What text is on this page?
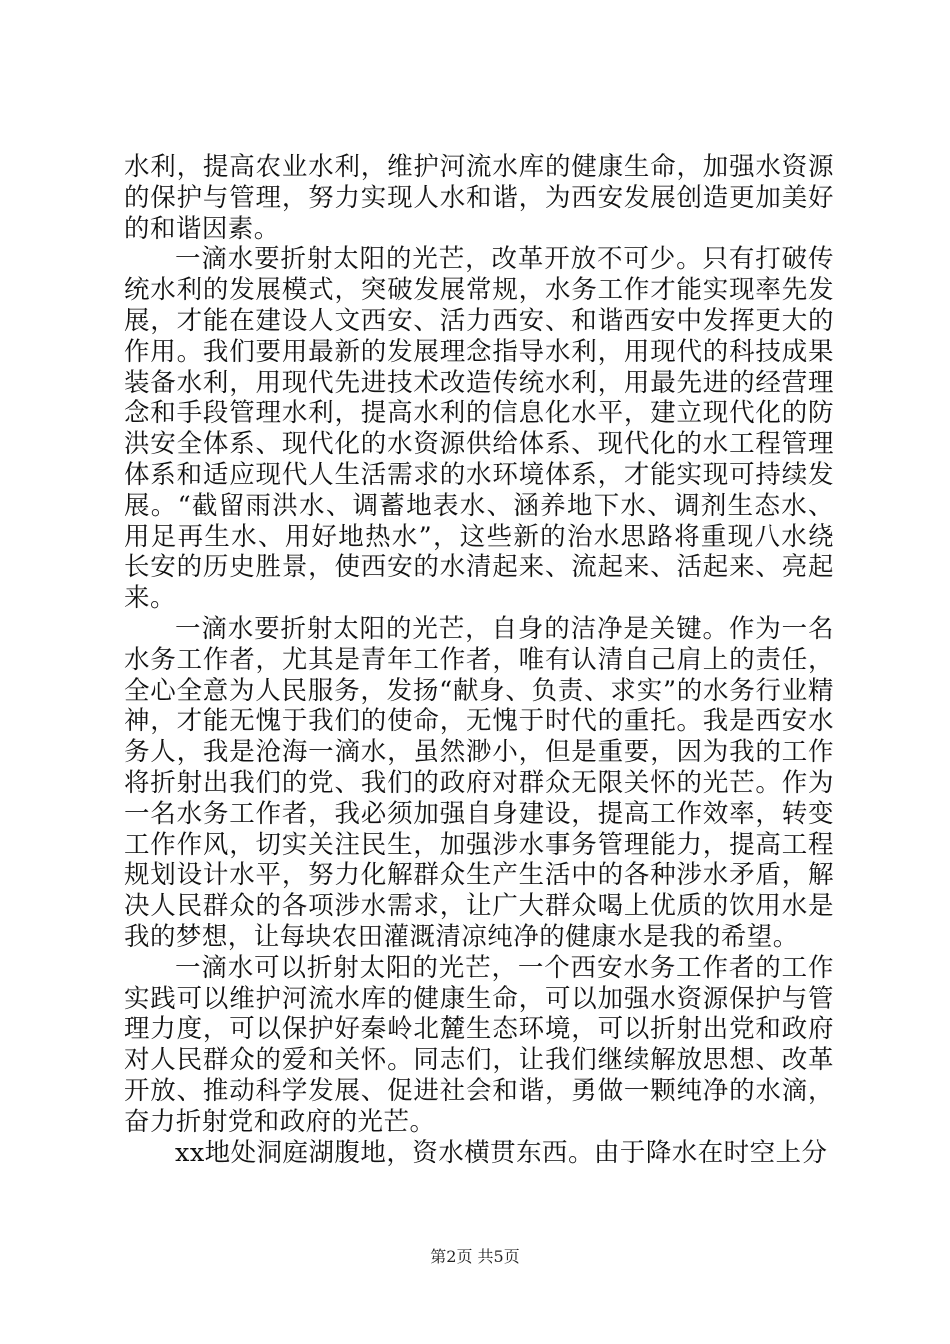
水利，提高农业水利，维护河流水库的健康生命，加强水资源的保护与管理，努力实现人水和谐，为西安发展创造更加美好的和谐因素。

一滴水要折射太阳的光芒，改革开放不可少。只有打破传统水利的发展模式，突破发展常规，水务工作才能实现率先发展，才能在建设人文西安、活力西安、和谐西安中发挥更大的作用。我们要用最新的发展理念指导水利，用现代的科技成果装备水利，用现代先进技术改造传统水利，用最先进的经营理念和手段管理水利，提高水利的信息化水平，建立现代化的防洪安全体系、现代化的水资源供给体系、现代化的水工程管理体系和适应现代人生活需求的水环境体系，才能实现可持续发展。“截留雨洪水、调蓄地表水、涵养地下水、调剂生态水、用足再生水、用好地热水”，这些新的治水思路将重现八水绕长安的历史胜景，使西安的水清起来、流起来、活起来、亮起来。

一滴水要折射太阳的光芒，自身的洁净是关键。作为一名水务工作者，尤其是青年工作者，唯有认清自己肩上的责任，全心全意为人民服务，发扬“献身、负责、求实”的水务行业精神，才能无愧于我们的使命，无愧于时代的重托。我是西安水务人，我是沧海一滴水，虽然渺小，但是重要，因为我的工作将折射出我们的党、我们的政府对群众无限关怀的光芒。作为一名水务工作者，我必须加强自身建设，提高工作效率，转变工作作风，切实关注民生，加强涉水事务管理能力，提高工程规划设计水平，努力化解群众生产生活中的各种涉水矛盾，解决人民群众的各项涉水需求，让广大群众喝上优质的饮用水是我的梦想，让每块农田灌溉清凉纯净的健康水是我的希望。

一滴水可以折射太阳的光芒，一个西安水务工作者的工作实践可以维护河流水库的健康生命，可以加强水资源保护与管理力度，可以保护好秦岭北麓生态环境，可以折射出党和政府对人民群众的爱和关怀。同志们，让我们继续解放思想、改革开放、推动科学发展、促进社会和谐，勇做一颗纯净的水滴，奋力折射党和政府的光芒。

xx地处洞庭湖腹地，资水横贯东西。由于降水在时空上分

第2页 共5页
